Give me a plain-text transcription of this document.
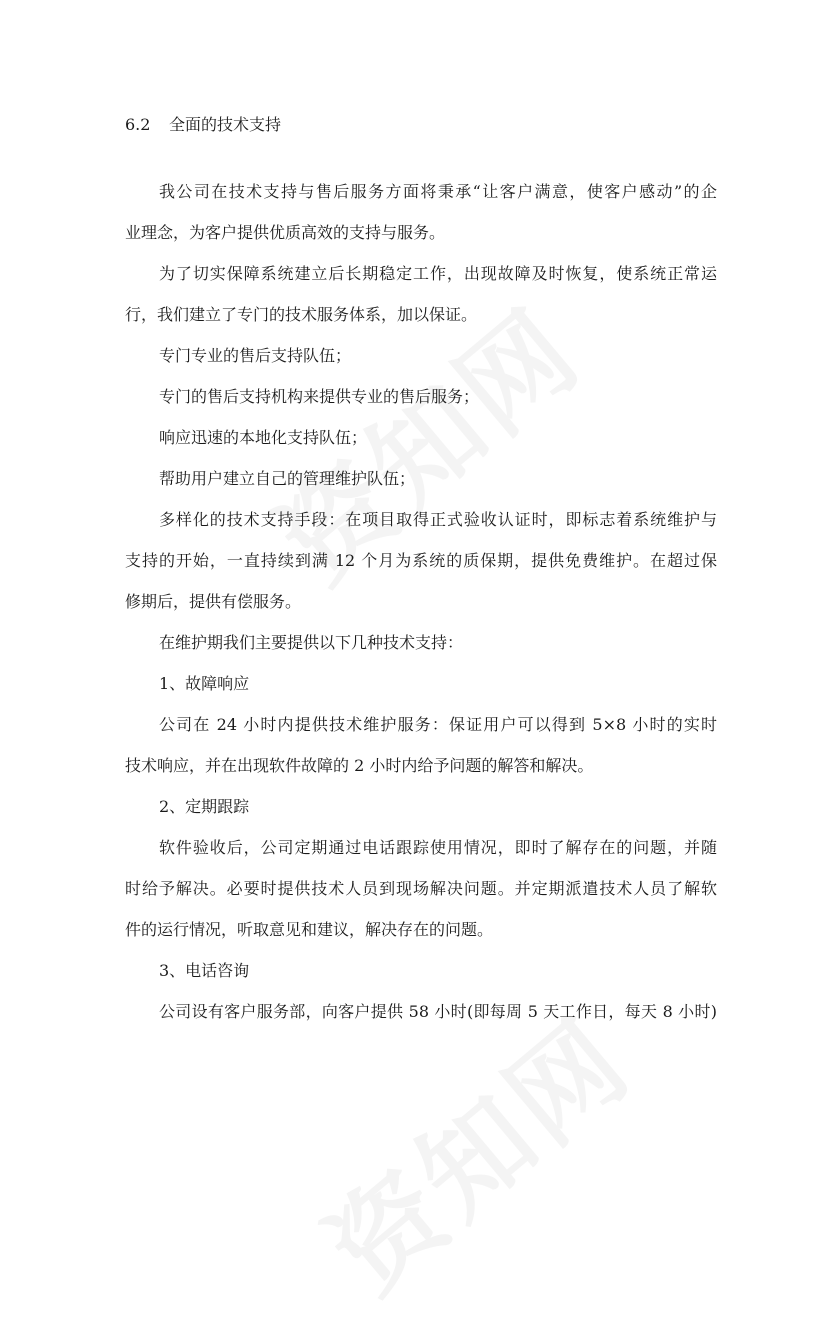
6.2 全面的技术支持
我公司在技术支持与售后服务方面将秉承“让客户满意，使客户感动”的企
业理念，为客户提供优质高效的支持与服务。
为了切实保障系统建立后长期稳定工作，出现故障及时恢复，使系统正常运
行，我们建立了专门的技术服务体系，加以保证。
专门专业的售后支持队伍；
专门的售后支持机构来提供专业的售后服务；
响应迅速的本地化支持队伍；
帮助用户建立自己的管理维护队伍；
多样化的技术支持手段：在项目取得正式验收认证时，即标志着系统维护与
支持的开始，一直持续到满 12 个月为系统的质保期，提供免费维护。在超过保
修期后，提供有偿服务。
在维护期我们主要提供以下几种技术支持：
1、故障响应
公司在 24 小时内提供技术维护服务：保证用户可以得到 5×8 小时的实时
技术响应，并在出现软件故障的 2 小时内给予问题的解答和解决。
2、定期跟踪
软件验收后，公司定期通过电话跟踪使用情况，即时了解存在的问题，并随
时给予解决。必要时提供技术人员到现场解决问题。并定期派遣技术人员了解软
件的运行情况，听取意见和建议，解决存在的问题。
3、电话咨询
公司设有客户服务部，向客户提供 58 小时(即每周 5 天工作日，每天 8 小时)
